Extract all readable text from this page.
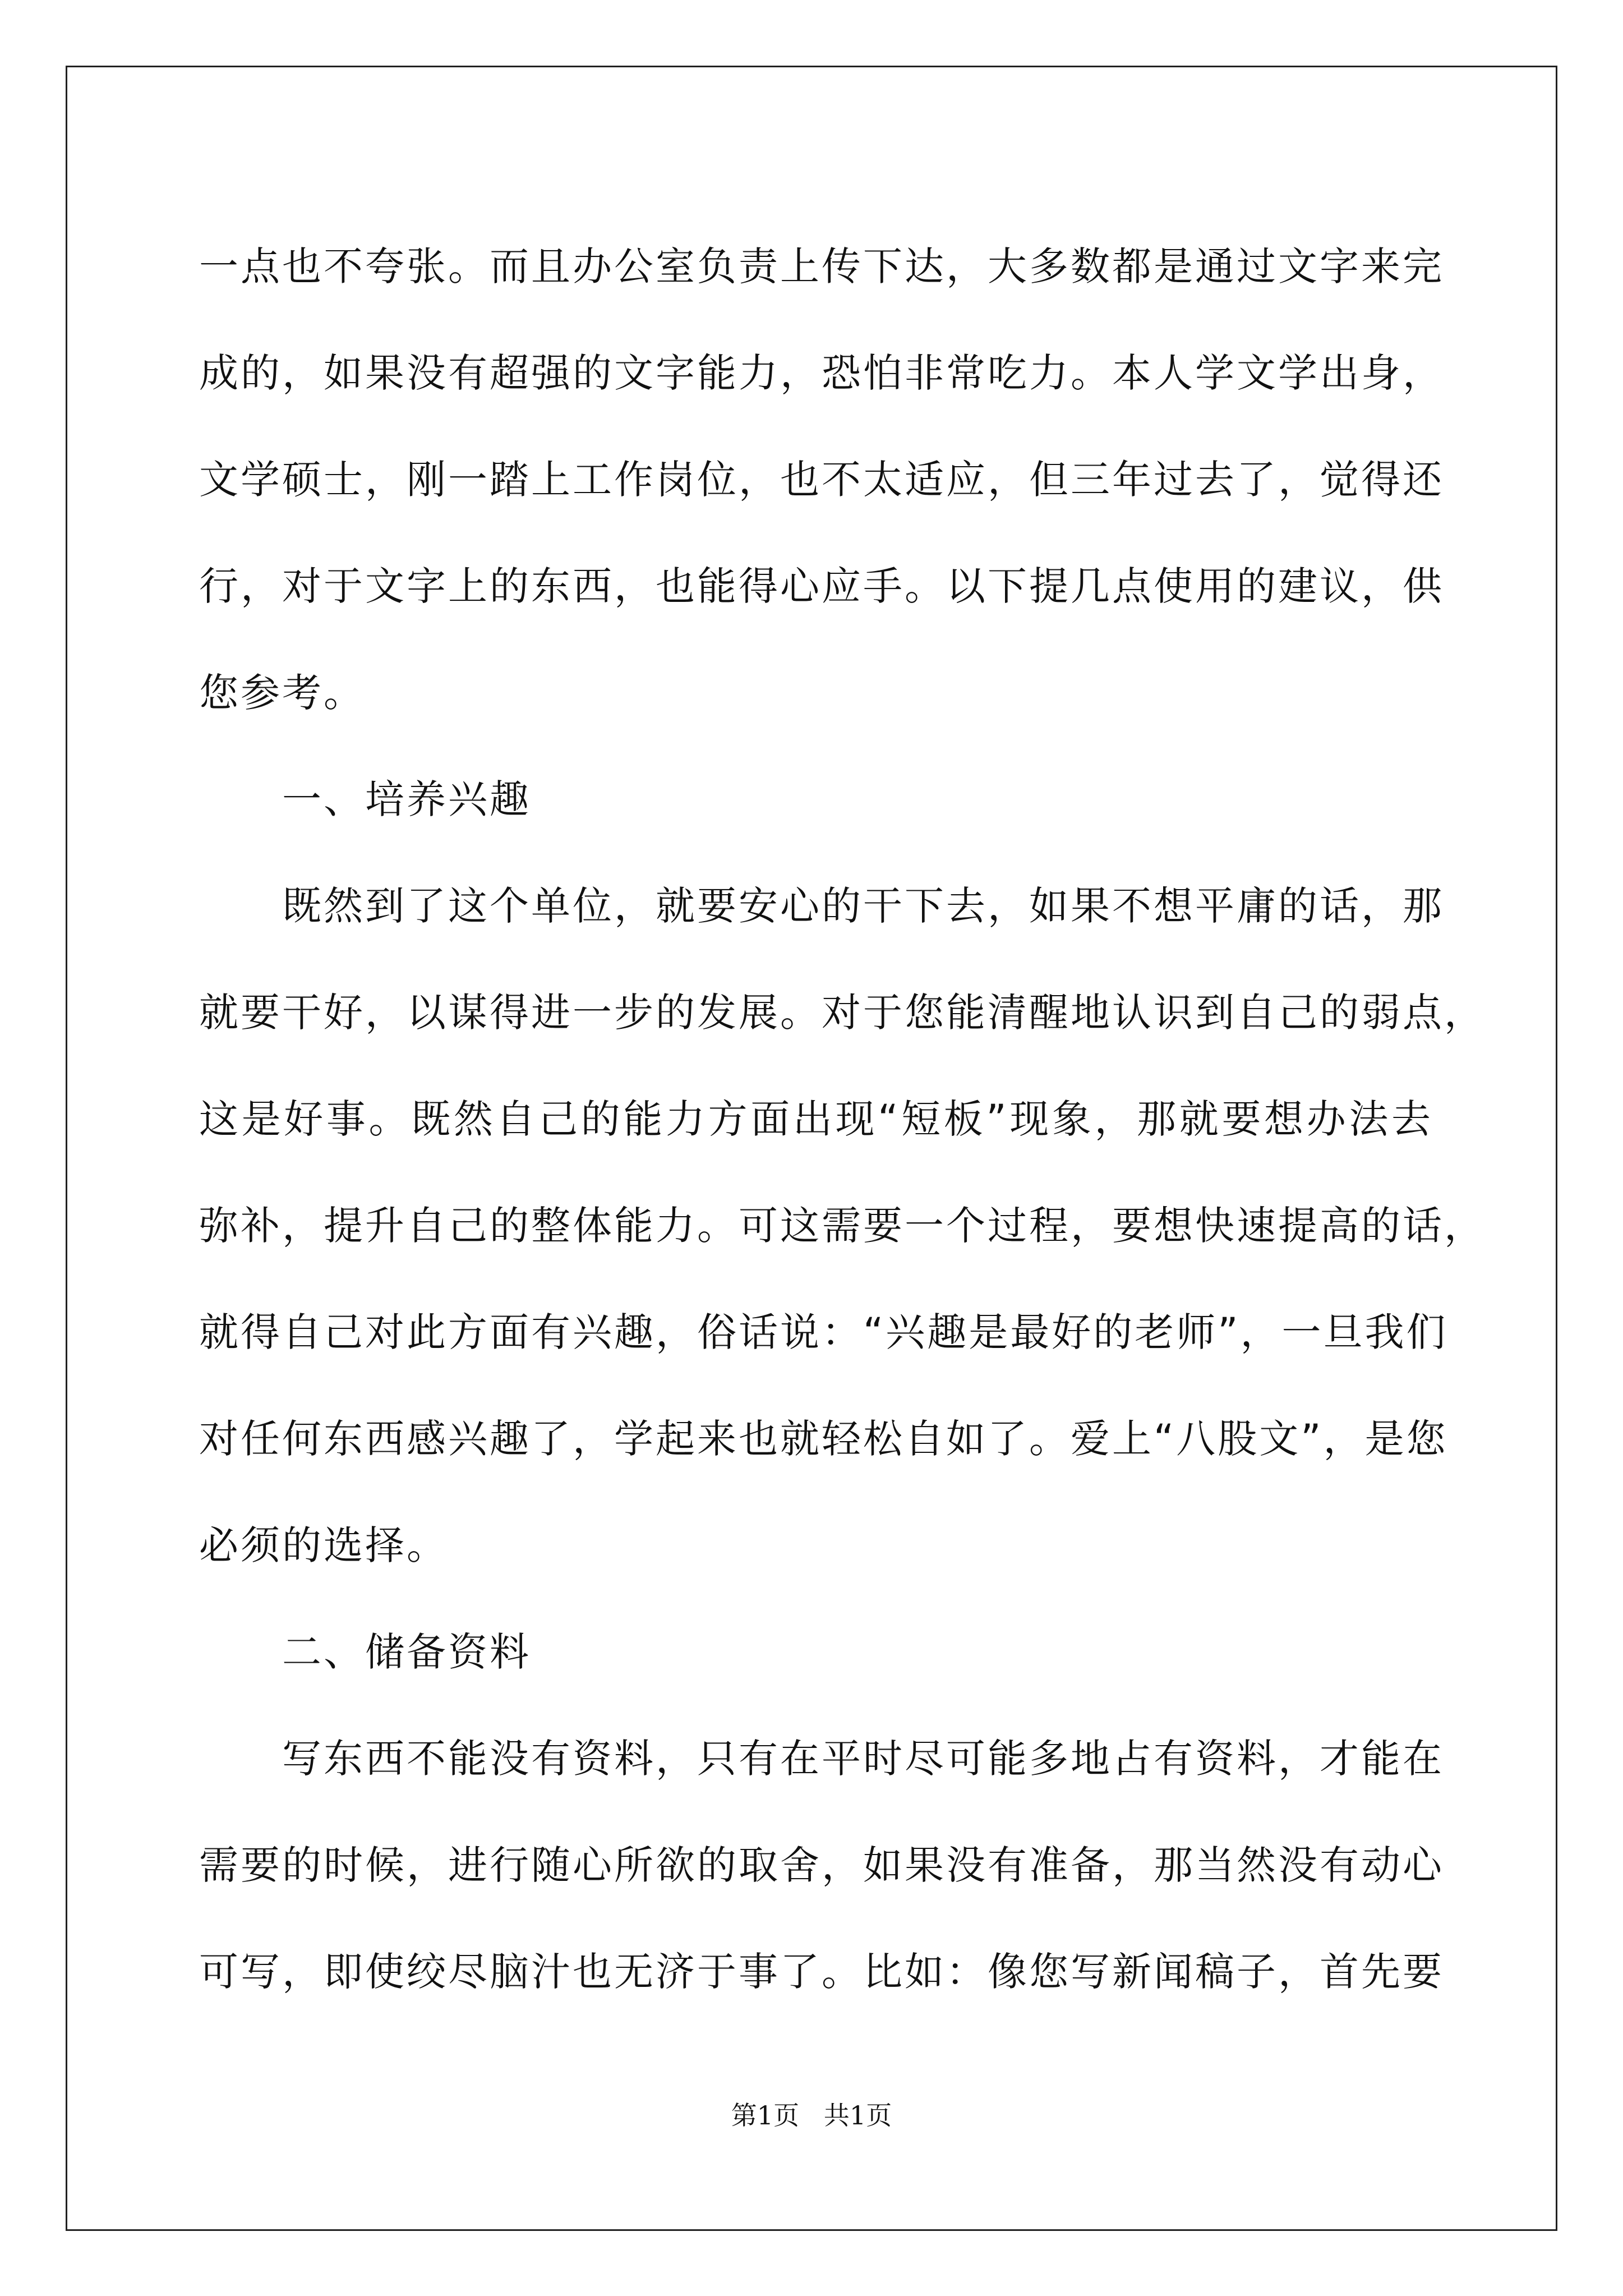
一点也不夸张。而且办公室负责上传下达，大多数都是通过文字来完
成的，如果没有超强的文字能力，恐怕非常吃力。本人学文学出身，
文学硕士，刚一踏上工作岗位，也不太适应，但三年过去了，觉得还
行，对于文字上的东西，也能得心应手。以下提几点使用的建议，供
您参考。
一、培养兴趣
既然到了这个单位，就要安心的干下去，如果不想平庸的话，那
就要干好，以谋得进一步的发展。对于您能清醒地认识到自己的弱点，
这是好事。既然自己的能力方面出现“短板”现象，那就要想办法去
弥补，提升自己的整体能力。可这需要一个过程，要想快速提高的话，
就得自己对此方面有兴趣，俗话说：“兴趣是最好的老师”，一旦我们
对任何东西感兴趣了，学起来也就轻松自如了。爱上“八股文”，是您
必须的选择。
二、储备资料
写东西不能没有资料，只有在平时尽可能多地占有资料，才能在
需要的时候，进行随心所欲的取舍，如果没有准备，那当然没有动心
可写，即使绞尽脑汁也无济于事了。比如：像您写新闻稿子，首先要
第1页   共1页
